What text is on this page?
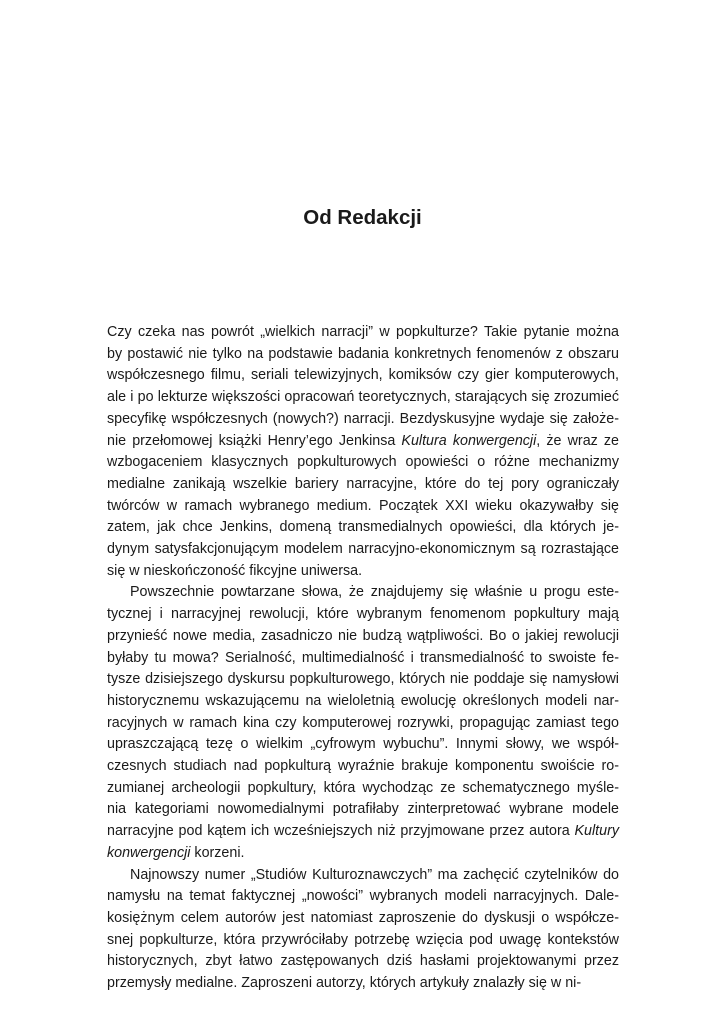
Od Redakcji
Czy czeka nas powrót „wielkich narracji” w popkulturze? Takie pytanie można
by postawić nie tylko na podstawie badania konkretnych fenomenów z obszaru
współczesnego filmu, seriali telewizyjnych, komiksów czy gier komputerowych,
ale i po lekturze większości opracowań teoretycznych, starających się zrozumieć
specyfikę współczesnych (nowych?) narracji. Bezdyskusyjne wydaje się założe-
nie przełomowej książki Henry’ego Jenkinsa Kultura konwergencji, że wraz ze
wzbogaceniem klasycznych popkulturowych opowieści o różne mechanizmy
medialne zanikają wszelkie bariery narracyjne, które do tej pory ograniczały
twórców w ramach wybranego medium. Początek XXI wieku okazywałby się
zatem, jak chce Jenkins, domeną transmedialnych opowieści, dla których je-
dynym satysfakcjonującym modelem narracyjno-ekonomicznym są rozrastające
się w nieskończoność fikcyjne uniwersa.
Powszechnie powtarzane słowa, że znajdujemy się właśnie u progu este-
tycznej i narracyjnej rewolucji, które wybranym fenomenom popkultury mają
przynieść nowe media, zasadniczo nie budzą wątpliwości. Bo o jakiej rewolucji
byłaby tu mowa? Serialność, multimedialność i transmedialność to swoiste fe-
tysze dzisiejszego dyskursu popkulturowego, których nie poddaje się namysłowi
historycznemu wskazującemu na wieloletnią ewolucję określonych modeli nar-
racyjnych w ramach kina czy komputerowej rozrywki, propagując zamiast tego
upraszczającą tezę o wielkim „cyfrowym wybuchu”. Innymi słowy, we współ-
czesnych studiach nad popkulturą wyraźnie brakuje komponentu swoiście ro-
zumianej archeologii popkultury, która wychodząc ze schematycznego myśle-
nia kategoriami nowomedialnymi potrafiłaby zinterpretować wybrane modele
narracyjne pod kątem ich wcześniejszych niż przyjmowane przez autora Kultury
konwergencji korzeni.
Najnowszy numer „Studiów Kulturoznawczych” ma zachęcić czytelników do
namysłu na temat faktycznej „nowości” wybranych modeli narracyjnych. Dale-
kosiężnym celem autorów jest natomiast zaproszenie do dyskusji o współcze-
snej popkulturze, która przywróciłaby potrzebę wzięcia pod uwagę kontekstów
historycznych, zbyt łatwo zastępowanych dziś hasłami projektowanymi przez
przemysły medialne. Zaproszeni autorzy, których artykuły znalazły się w ni-
